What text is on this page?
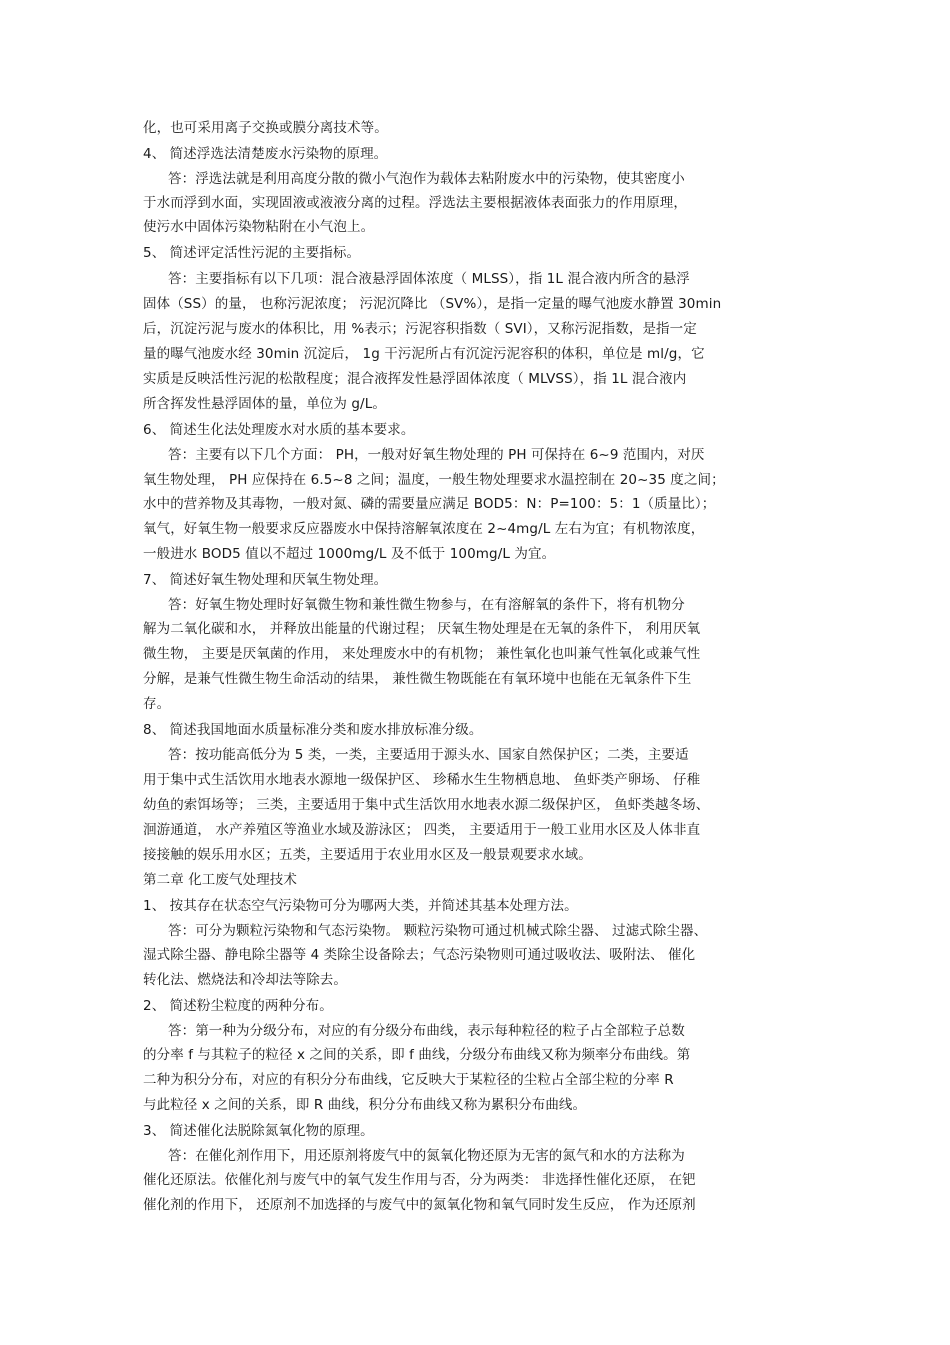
化，也可采用离子交换或膜分离技术等。
4、 简述浮选法清楚废水污染物的原理。
答：浮选法就是利用高度分散的微小气泡作为载体去粘附废水中的污染物，使其密度小
于水而浮到水面，实现固液或液液分离的过程。浮选法主要根据液体表面张力的作用原理，
使污水中固体污染物粘附在小气泡上。
5、 简述评定活性污泥的主要指标。
答：主要指标有以下几项：混合液悬浮固体浓度（ MLSS），指 1L 混合液内所含的悬浮
固体（SS）的量， 也称污泥浓度； 污泥沉降比 （SV%），是指一定量的曝气池废水静置 30min
后，沉淀污泥与废水的体积比，用 %表示；污泥容积指数（ SVI），又称污泥指数，是指一定
量的曝气池废水经 30min 沉淀后， 1g 干污泥所占有沉淀污泥容积的体积，单位是 ml/g，它
实质是反映活性污泥的松散程度；混合液挥发性悬浮固体浓度（ MLVSS），指 1L 混合液内
所含挥发性悬浮固体的量，单位为 g/L。
6、 简述生化法处理废水对水质的基本要求。
答：主要有以下几个方面： PH，一般对好氧生物处理的 PH 可保持在 6~9 范围内，对厌
氧生物处理， PH 应保持在 6.5~8 之间；温度，一般生物处理要求水温控制在 20~35 度之间；
水中的营养物及其毒物，一般对氮、磷的需要量应满足 BOD5：N：P=100：5：1（质量比）；
氧气，好氧生物一般要求反应器废水中保持溶解氧浓度在 2~4mg/L 左右为宜；有机物浓度，
一般进水 BOD5 值以不超过 1000mg/L 及不低于 100mg/L 为宜。
7、 简述好氧生物处理和厌氧生物处理。
答：好氧生物处理时好氧微生物和兼性微生物参与，在有溶解氧的条件下，将有机物分
解为二氧化碳和水， 并释放出能量的代谢过程； 厌氧生物处理是在无氧的条件下， 利用厌氧
微生物， 主要是厌氧菌的作用， 来处理废水中的有机物； 兼性氧化也叫兼气性氧化或兼气性
分解，是兼气性微生物生命活动的结果， 兼性微生物既能在有氧环境中也能在无氧条件下生
存。
8、 简述我国地面水质量标准分类和废水排放标准分级。
答：按功能高低分为 5 类，一类，主要适用于源头水、国家自然保护区；二类，主要适
用于集中式生活饮用水地表水源地一级保护区、 珍稀水生生物栖息地、 鱼虾类产卵场、 仔稚
幼鱼的索饵场等； 三类，主要适用于集中式生活饮用水地表水源二级保护区， 鱼虾类越冬场、
洄游通道， 水产养殖区等渔业水域及游泳区； 四类， 主要适用于一般工业用水区及人体非直
接接触的娱乐用水区；五类，主要适用于农业用水区及一般景观要求水域。
第二章 化工废气处理技术
1、 按其存在状态空气污染物可分为哪两大类，并简述其基本处理方法。
答：可分为颗粒污染物和气态污染物。 颗粒污染物可通过机械式除尘器、 过滤式除尘器、
湿式除尘器、静电除尘器等 4 类除尘设备除去；气态污染物则可通过吸收法、吸附法、 催化
转化法、燃烧法和冷却法等除去。
2、 简述粉尘粒度的两种分布。
答：第一种为分级分布，对应的有分级分布曲线，表示每种粒径的粒子占全部粒子总数
的分率 f 与其粒子的粒径 x 之间的关系，即 f 曲线，分级分布曲线又称为频率分布曲线。第
二种为积分分布，对应的有积分分布曲线，它反映大于某粒径的尘粒占全部尘粒的分率 R
与此粒径 x 之间的关系，即 R 曲线，积分分布曲线又称为累积分布曲线。
3、 简述催化法脱除氮氧化物的原理。
答：在催化剂作用下，用还原剂将废气中的氮氧化物还原为无害的氮气和水的方法称为
催化还原法。依催化剂与废气中的氧气发生作用与否，分为两类： 非选择性催化还原， 在钯
催化剂的作用下， 还原剂不加选择的与废气中的氮氧化物和氧气同时发生反应， 作为还原剂
